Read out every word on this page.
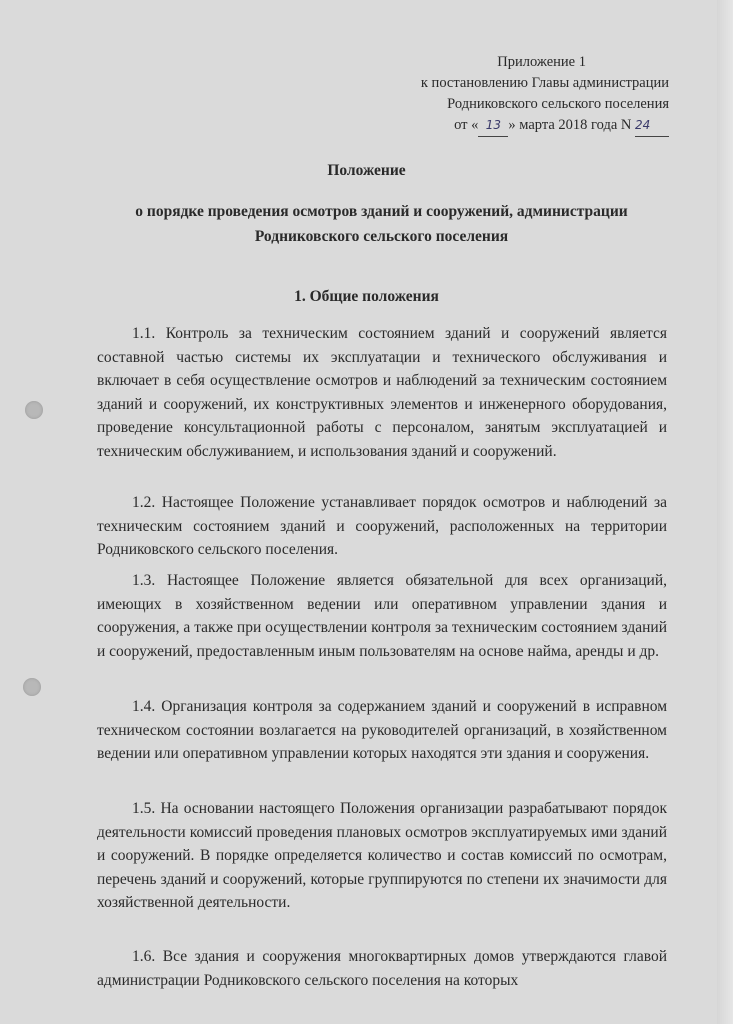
Приложение 1
к постановлению Главы администрации
Родниковского сельского поселения
от « 13 » марта 2018 года N 24
Положение
о порядке проведения осмотров зданий и сооружений, администрации Родниковского сельского поселения
1. Общие положения

1.1. Контроль за техническим состоянием зданий и сооружений является составной частью системы их эксплуатации и технического обслуживания и включает в себя осуществление осмотров и наблюдений за техническим состоянием зданий и сооружений, их конструктивных элементов и инженерного оборудования, проведение консультационной работы с персоналом, занятым эксплуатацией и техническим обслуживанием, и использования зданий и сооружений.

1.2. Настоящее Положение устанавливает порядок осмотров и наблюдений за техническим состоянием зданий и сооружений, расположенных на территории Родниковского сельского поселения.

1.3. Настоящее Положение является обязательной для всех организаций, имеющих в хозяйственном ведении или оперативном управлении здания и сооружения, а также при осуществлении контроля за техническим состоянием зданий и сооружений, предоставленным иным пользователям на основе найма, аренды и др.

1.4. Организация контроля за содержанием зданий и сооружений в исправном техническом состоянии возлагается на руководителей организаций, в хозяйственном ведении или оперативном управлении которых находятся эти здания и сооружения.

1.5. На основании настоящего Положения организации разрабатывают порядок деятельности комиссий проведения плановых осмотров эксплуатируемых ими зданий и сооружений. В порядке определяется количество и состав комиссий по осмотрам, перечень зданий и сооружений, которые группируются по степени их значимости для хозяйственной деятельности.

1.6. Все здания и сооружения многоквартирных домов утверждаются главой администрации Родниковского сельского поселения на которых
